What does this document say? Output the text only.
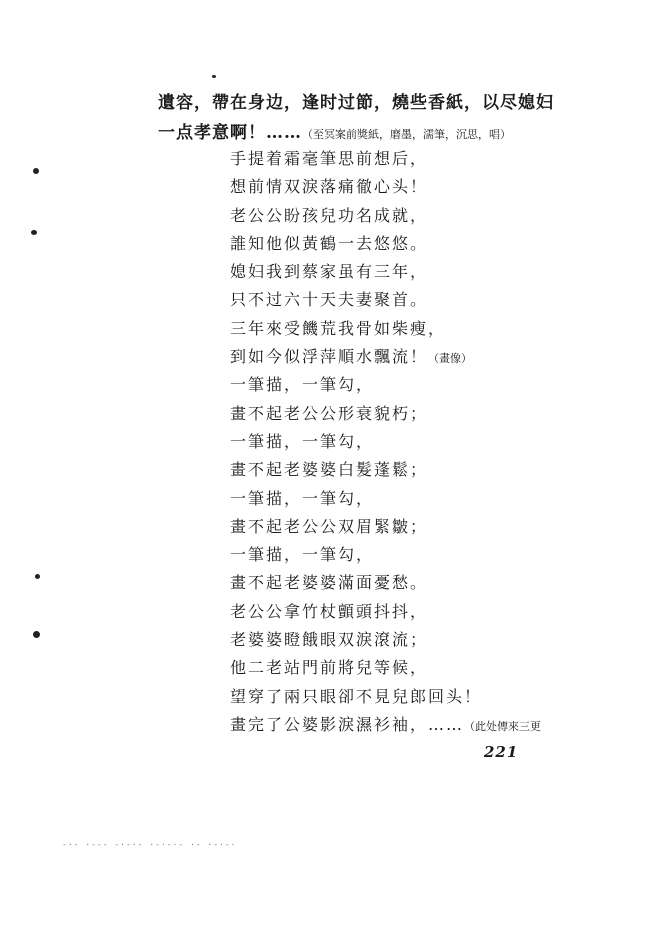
遺容，帶在身边，逢时过節，燒些香紙，以尽媳妇
一点孝意啊！……（至冥案前獎紙，磨墨，濡筆，沉思，唱）
手提着霜毫筆思前想后，
想前情双淚落痛徹心头！
老公公盼孩兒功名成就，
誰知他似黃鶴一去悠悠。
媳妇我到蔡家虽有三年，
只不过六十天夫妻聚首。
三年來受饑荒我骨如柴瘦，
到如今似浮萍順水飄流！（畫像）
一筆描，一筆勾，
畫不起老公公形衰貌朽；
一筆描，一筆勾，
畫不起老婆婆白髮蓬鬆；
一筆描，一筆勾，
畫不起老公公双眉緊皺；
一筆描，一筆勾，
畫不起老婆婆滿面憂愁。
老公公拿竹杖顫頭抖抖，
老婆婆瞪餓眼双淚滾流；
他二老站門前將兒等候，
望穿了兩只眼卻不見兒郎回头！
畫完了公婆影淚濕衫袖，……（此处傳來三更
221
-·- ·--- -·-·- ·-·-·- ·- ·-·-·
